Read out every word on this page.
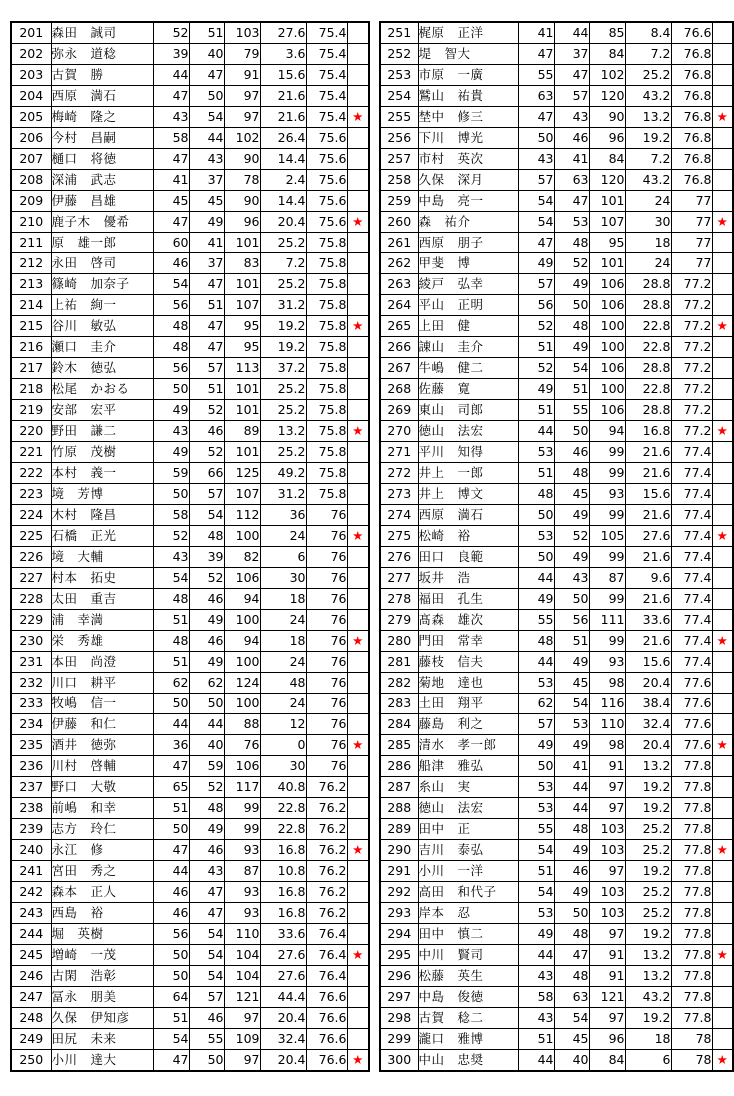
201	森田　誠司	52	51	103	27.6	75.4	
202	弥永　道稔	39	40	79	3.6	75.4	
203	古賀　勝	44	47	91	15.6	75.4	
204	西原　満石	47	50	97	21.6	75.4	
205	梅崎　隆之	43	54	97	21.6	75.4	★
206	今村　昌嗣	58	44	102	26.4	75.6	
207	樋口　将徳	47	43	90	14.4	75.6	
208	深浦　武志	41	37	78	2.4	75.6	
209	伊藤　昌雄	45	45	90	14.4	75.6	
210	鹿子木　優希	47	49	96	20.4	75.6	★
211	原　雄一郎	60	41	101	25.2	75.8	
212	永田　啓司	46	37	83	7.2	75.8	
213	篠崎　加奈子	54	47	101	25.2	75.8	
214	上祐　絢一	56	51	107	31.2	75.8	
215	谷川　敏弘	48	47	95	19.2	75.8	★
216	瀬口　圭介	48	47	95	19.2	75.8	
217	鈴木　徳弘	56	57	113	37.2	75.8	
218	松尾　かおる	50	51	101	25.2	75.8	
219	安部　宏平	49	52	101	25.2	75.8	
220	野田　謙二	43	46	89	13.2	75.8	★
221	竹原　茂樹	49	52	101	25.2	75.8	
222	本村　義一	59	66	125	49.2	75.8	
223	境　芳博	50	57	107	31.2	75.8	
224	木村　隆昌	58	54	112	36	76	
225	石橋　正光	52	48	100	24	76	★
226	境　大輔	43	39	82	6	76	
227	村本　拓史	54	52	106	30	76	
228	太田　重吉	48	46	94	18	76	
229	浦　幸満	51	49	100	24	76	
230	栄　秀雄	48	46	94	18	76	★
231	本田　尚澄	51	49	100	24	76	
232	川口　耕平	62	62	124	48	76	
233	牧嶋　信一	50	50	100	24	76	
234	伊藤　和仁	44	44	88	12	76	
235	酒井　徳弥	36	40	76	0	76	★
236	川村　啓輔	47	59	106	30	76	
237	野口　大敬	65	52	117	40.8	76.2	
238	前嶋　和幸	51	48	99	22.8	76.2	
239	志方　玲仁	50	49	99	22.8	76.2	
240	永江　修	47	46	93	16.8	76.2	★
241	宮田　秀之	44	43	87	10.8	76.2	
242	森本　正人	46	47	93	16.8	76.2	
243	西島　裕	46	47	93	16.8	76.2	
244	堀　英樹	56	54	110	33.6	76.4	
245	増崎　一茂	50	54	104	27.6	76.4	★
246	古閑　浩彰	50	54	104	27.6	76.4	
247	冨永　朋美	64	57	121	44.4	76.6	
248	久保　伊知彦	51	46	97	20.4	76.6	
249	田尻　未来	54	55	109	32.4	76.6	
250	小川　達大	47	50	97	20.4	76.6	★
251	梶原　正洋	41	44	85	8.4	76.6	
252	堤　智大	47	37	84	7.2	76.8	
253	市原　一廣	55	47	102	25.2	76.8	
254	鷲山　祐貴	63	57	120	43.2	76.8	
255	埜中　修三	47	43	90	13.2	76.8	★
256	下川　博光	50	46	96	19.2	76.8	
257	市村　英次	43	41	84	7.2	76.8	
258	久保　深月	57	63	120	43.2	76.8	
259	中島　亮一	54	47	101	24	77	
260	森　祐介	54	53	107	30	77	★
261	西原　朋子	47	48	95	18	77	
262	甲斐　博	49	52	101	24	77	
263	綾戸　弘幸	57	49	106	28.8	77.2	
264	平山　正明	56	50	106	28.8	77.2	
265	上田　健	52	48	100	22.8	77.2	★
266	諌山　圭介	51	49	100	22.8	77.2	
267	牛嶋　健二	52	54	106	28.8	77.2	
268	佐藤　寛	49	51	100	22.8	77.2	
269	東山　司郎	51	55	106	28.8	77.2	
270	徳山　法宏	44	50	94	16.8	77.2	★
271	平川　知得	53	46	99	21.6	77.4	
272	井上　一郎	51	48	99	21.6	77.4	
273	井上　博文	48	45	93	15.6	77.4	
274	西原　満石	50	49	99	21.6	77.4	
275	松崎　裕	53	52	105	27.6	77.4	★
276	田口　良範	50	49	99	21.6	77.4	
277	坂井　浩	44	43	87	9.6	77.4	
278	福田　孔生	49	50	99	21.6	77.4	
279	髙森　雄次	55	56	111	33.6	77.4	
280	門田　常幸	48	51	99	21.6	77.4	★
281	藤枝　信夫	44	49	93	15.6	77.4	
282	菊地　達也	53	45	98	20.4	77.6	
283	土田　翔平	62	54	116	38.4	77.6	
284	藤島　利之	57	53	110	32.4	77.6	
285	清水　孝一郎	49	49	98	20.4	77.6	★
286	船津　雅弘	50	41	91	13.2	77.8	
287	糸山　実	53	44	97	19.2	77.8	
288	徳山　法宏	53	44	97	19.2	77.8	
289	田中　正	55	48	103	25.2	77.8	
290	吉川　泰弘	54	49	103	25.2	77.8	★
291	小川　一洋	51	46	97	19.2	77.8	
292	高田　和代子	54	49	103	25.2	77.8	
293	岸本　忍	53	50	103	25.2	77.8	
294	田中　慎二	49	48	97	19.2	77.8	
295	中川　賢司	44	47	91	13.2	77.8	★
296	松藤　英生	43	48	91	13.2	77.8	
297	中島　俊徳	58	63	121	43.2	77.8	
298	古賀　稔二	43	54	97	19.2	77.8	
299	瀧口　雅博	51	45	96	18	78	
300	中山　忠奨	44	40	84	6	78	★
